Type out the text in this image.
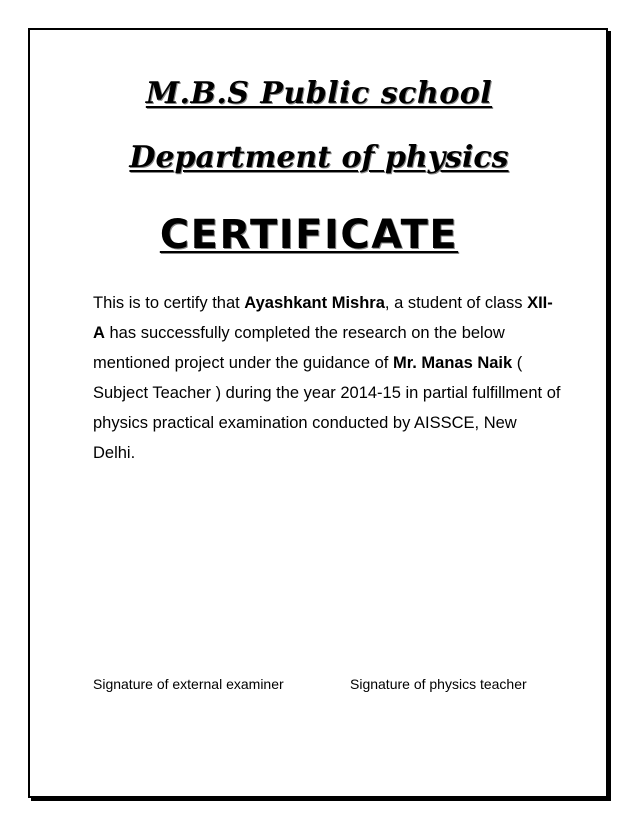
M.B.S Public school
Department of physics
CERTIFICATE
This is to certify that Ayashkant Mishra, a student of class XII-A has successfully completed the research on the below mentioned project under the guidance of Mr. Manas Naik ( Subject Teacher ) during the year 2014-15 in partial fulfillment of physics practical examination conducted by AISSCE, New Delhi.
Signature of external examiner	Signature of physics teacher
